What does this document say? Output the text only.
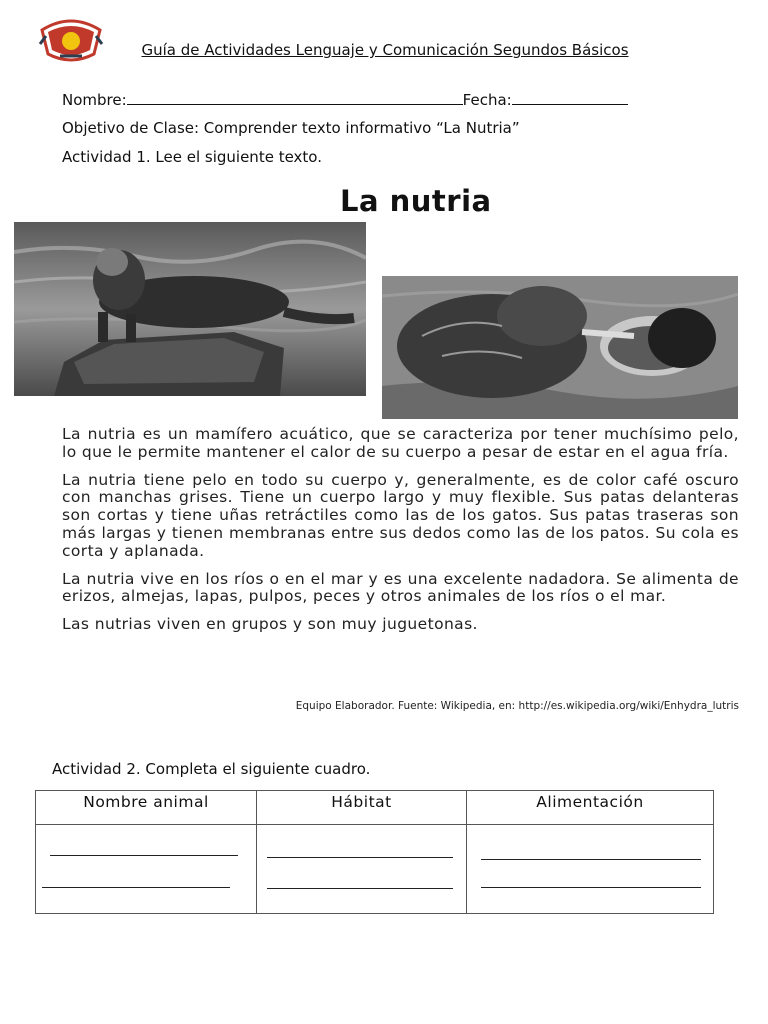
Guía de Actividades Lenguaje y Comunicación Segundos Básicos
Nombre:	Fecha:
Objetivo de Clase: Comprender texto informativo “La Nutria”
Actividad 1. Lee el siguiente texto.
La nutria

La nutria es un mamífero acuático, que se caracteriza por tener muchísimo pelo, lo que le permite mantener el calor de su cuerpo a pesar de estar en el agua fría.

La nutria tiene pelo en todo su cuerpo y, generalmente, es de color café oscuro con manchas grises. Tiene un cuerpo largo y muy flexible. Sus patas delanteras son cortas y tiene uñas retráctiles como las de los gatos. Sus patas traseras son más largas y tienen membranas entre sus dedos como las de los patos. Su cola es corta y aplanada.

La nutria vive en los ríos o en el mar y es una excelente nadadora. Se alimenta de erizos, almejas, lapas, pulpos, peces y otros animales de los ríos o el mar.

Las nutrias viven en grupos y son muy juguetonas.

Equipo Elaborador. Fuente: Wikipedia, en: http://es.wikipedia.org/wiki/Enhydra_lutris
Actividad 2. Completa el siguiente cuadro.
Nombre animal	Hábitat	Alimentación
